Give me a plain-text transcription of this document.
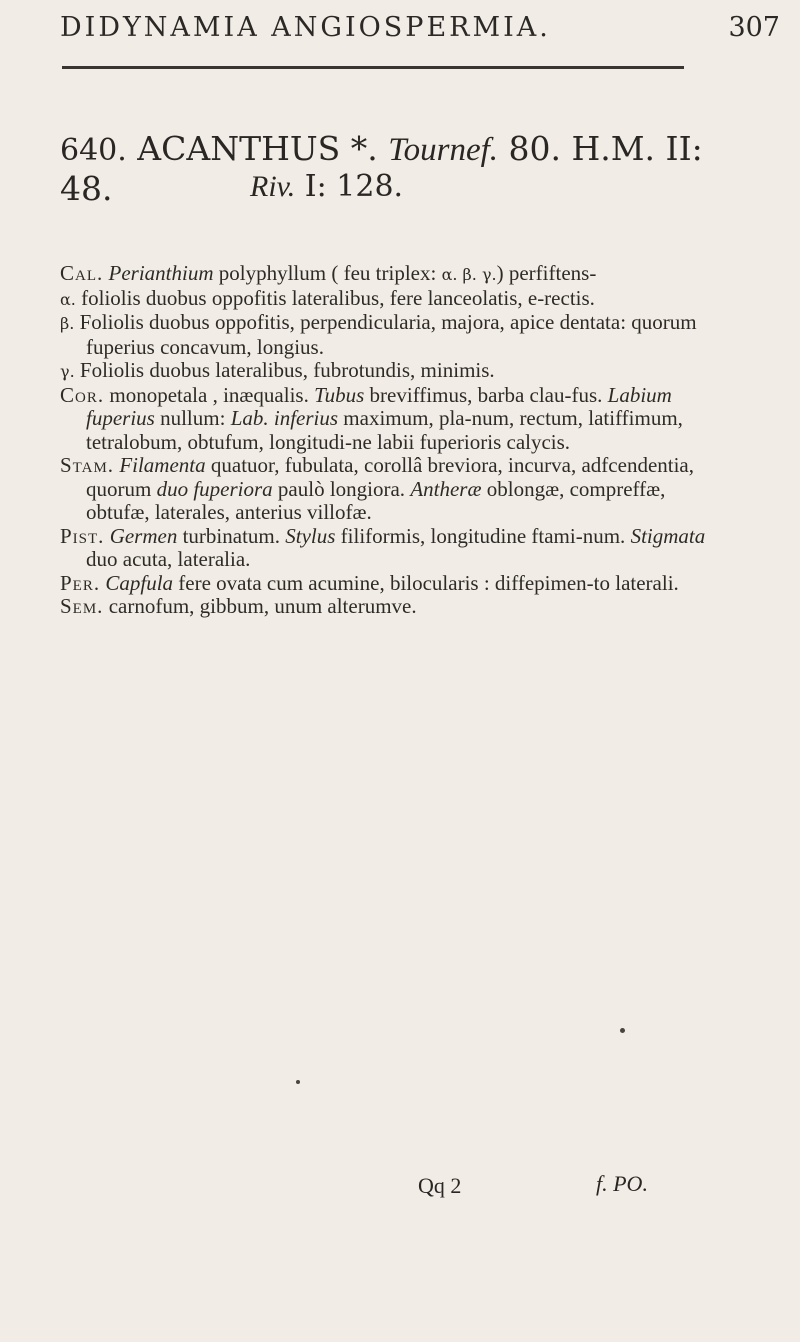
DIDYNAMIA ANGIOSPERMIA.	307
640. ACANTHUS *. Tournef. 80. H.M. II: 48.	Riv. I: 128.

Cal. Perianthium polyphyllum ( feu triplex: α. β. γ.) perfiftens-

α. foliolis duobus oppofitis lateralibus, fere lanceolatis, e-rectis.

β. Foliolis duobus oppofitis, perpendicularia, majora, apice dentata: quorum fuperius concavum, longius.

γ. Foliolis duobus lateralibus, fubrotundis, minimis.

Cor. monopetala , inæqualis. Tubus breviffimus, barba clau-fus. Labium fuperius nullum: Lab. inferius maximum, pla-num, rectum, latiffimum, tetralobum, obtufum, longitudi-ne labii fuperioris calycis.

Stam. Filamenta quatuor, fubulata, corollâ breviora, incurva, adfcendentia, quorum duo fuperiora paulò longiora. Antheræ oblongæ, compreffæ, obtufæ, laterales, anterius villofæ.

Pist. Germen turbinatum. Stylus filiformis, longitudine ftami-num. Stigmata duo acuta, lateralia.

Per. Capfula fere ovata cum acumine, bilocularis : diffepimen-to laterali.

Sem. carnofum, gibbum, unum alterumve.

Qq 2	f. PO.
